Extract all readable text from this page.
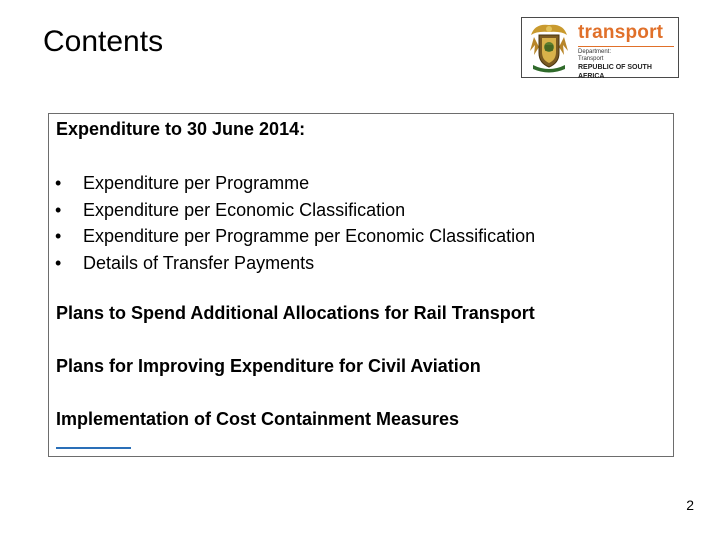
Contents	transport
Department:
Transport
REPUBLIC OF SOUTH AFRICA
Expenditure to 30 June 2014:
• Expenditure per Programme
• Expenditure per Economic Classification
• Expenditure per Programme per Economic Classification
• Details of Transfer Payments
Plans to Spend Additional Allocations for Rail Transport
Plans for Improving Expenditure for Civil Aviation
Implementation of Cost Containment Measures
2
